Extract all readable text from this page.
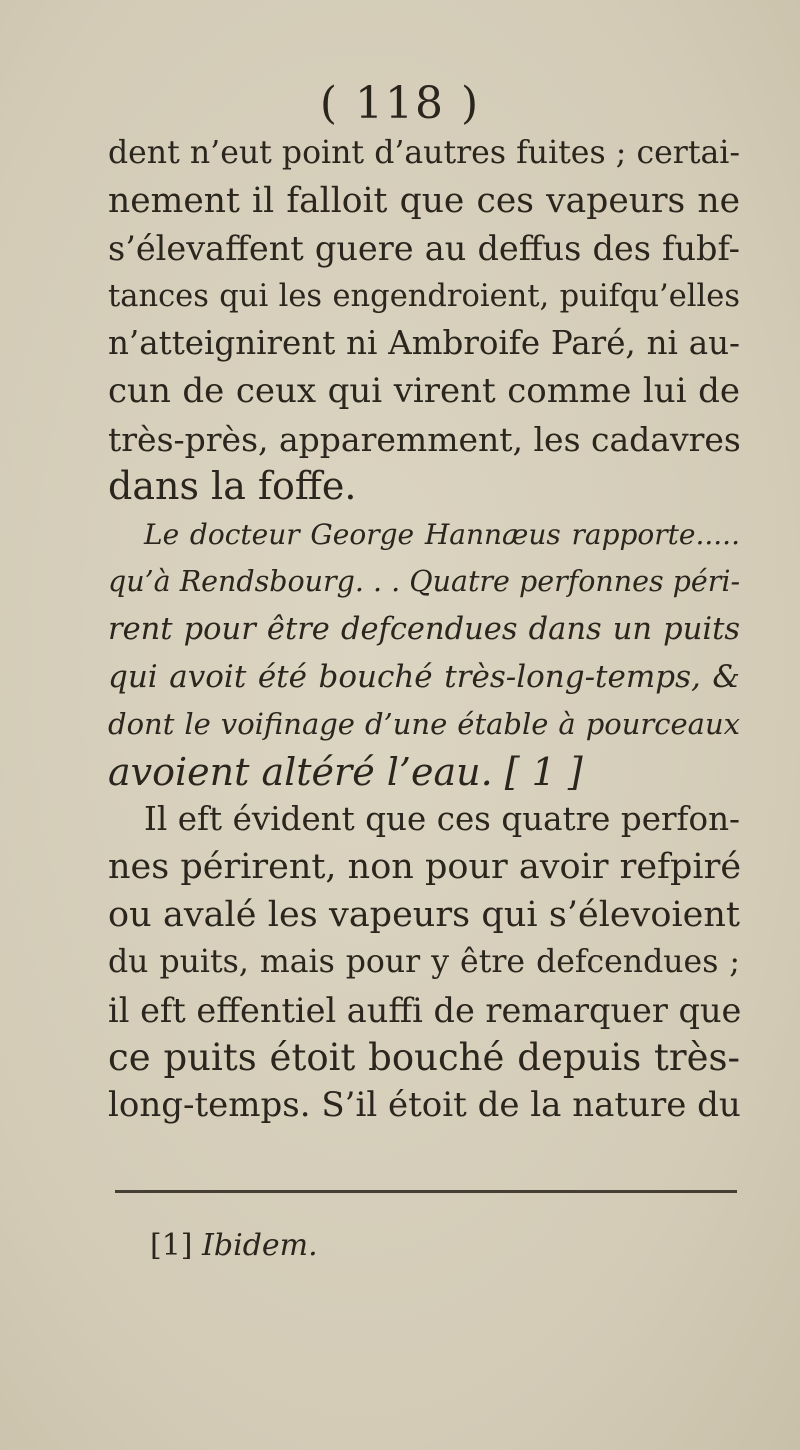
( 118 )
dent n’eut point d’autres fuites ; certai-
nement il falloit que ces vapeurs ne
s’élevaffent guere au deffus des fubf-
tances qui les engendroient, puifqu’elles
n’atteignirent ni Ambroife Paré, ni au-
cun de ceux qui virent comme lui de
très-près, apparemment, les cadavres
dans la foffe.
Le docteur George Hannæus rapporte.....
qu’à Rendsbourg. . . Quatre perfonnes péri-
rent pour être defcendues dans un puits
qui avoit été bouché très-long-temps, &
dont le voifinage d’une étable à pourceaux
avoient altéré l’eau. [ 1 ]
Il eft évident que ces quatre perfon-
nes périrent, non pour avoir refpiré
ou avalé les vapeurs qui s’élevoient
du puits, mais pour y être defcendues ;
il eft effentiel auffi de remarquer que
ce puits étoit bouché depuis très-
long-temps. S’il étoit de la nature du
[1] Ibidem.
